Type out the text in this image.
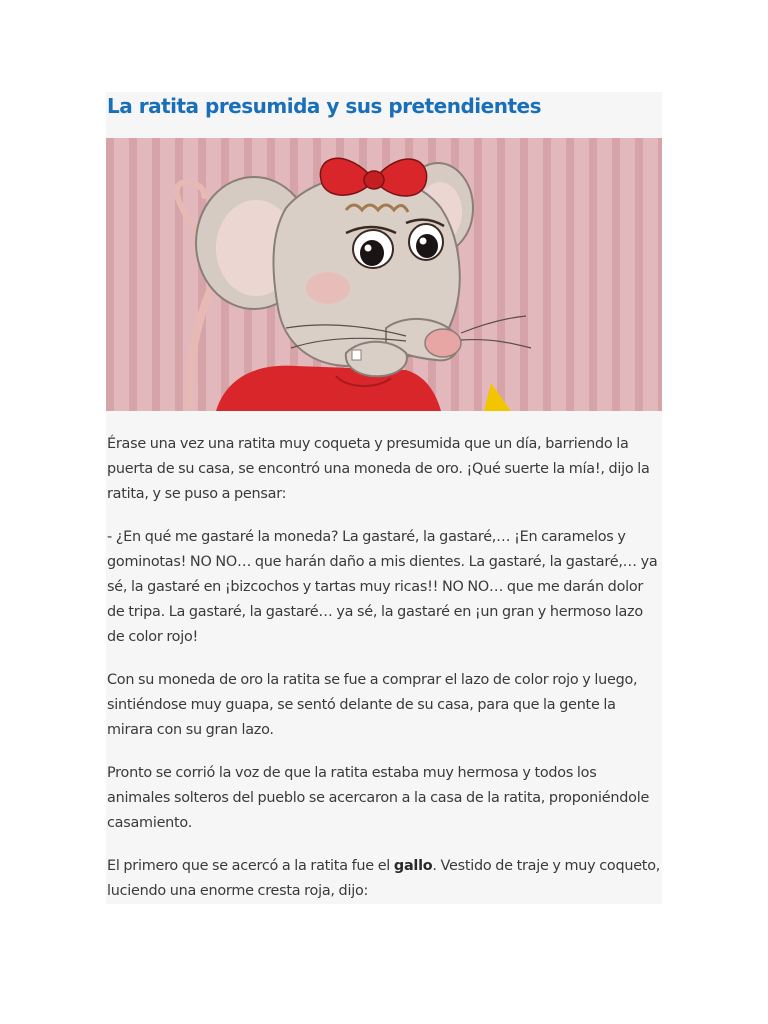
La ratita presumida y sus pretendientes

Érase una vez una ratita muy coqueta y presumida que un día, barriendo la puerta de su casa, se encontró una moneda de oro. ¡Qué suerte la mía!, dijo la ratita, y se puso a pensar:

- ¿En qué me gastaré la moneda? La gastaré, la gastaré,… ¡En caramelos y gominotas! NO NO… que harán daño a mis dientes. La gastaré, la gastaré,… ya sé, la gastaré en ¡bizcochos y tartas muy ricas!! NO NO… que me darán dolor de tripa. La gastaré, la gastaré… ya sé, la gastaré en ¡un gran y hermoso lazo de color rojo!

Con su moneda de oro la ratita se fue a comprar el lazo de color rojo y luego, sintiéndose muy guapa, se sentó delante de su casa, para que la gente la mirara con su gran lazo.

Pronto se corrió la voz de que la ratita estaba muy hermosa y todos los animales solteros del pueblo se acercaron a la casa de la ratita, proponiéndole casamiento.

El primero que se acercó a la ratita fue el gallo. Vestido de traje y muy coqueto, luciendo una enorme cresta roja, dijo:
